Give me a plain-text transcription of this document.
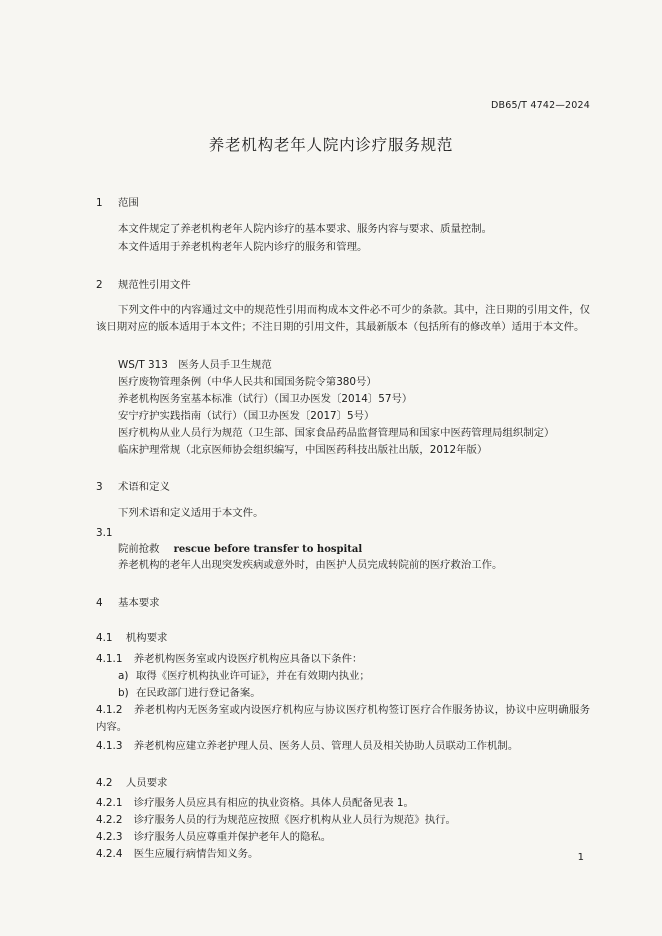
DB65/T 4742—2024
养老机构老年人院内诊疗服务规范
1 范围
本文件规定了养老机构老年人院内诊疗的基本要求、服务内容与要求、质量控制。
本文件适用于养老机构老年人院内诊疗的服务和管理。
2 规范性引用文件
下列文件中的内容通过文中的规范性引用而构成本文件必不可少的条款。其中，注日期的引用文件，仅该日期对应的版本适用于本文件；不注日期的引用文件，其最新版本（包括所有的修改单）适用于本文件。
WS/T 313　医务人员手卫生规范
医疗废物管理条例（中华人民共和国国务院令第380号）
养老机构医务室基本标准（试行）（国卫办医发〔2014〕57号）
安宁疗护实践指南（试行）（国卫办医发〔2017〕5号）
医疗机构从业人员行为规范（卫生部、国家食品药品监督管理局和国家中医药管理局组织制定）
临床护理常规（北京医师协会组织编写，中国医药科技出版社出版，2012年版）
3 术语和定义
下列术语和定义适用于本文件。
3.1
院前抢救 rescue before transfer to hospital
养老机构的老年人出现突发疾病或意外时，由医护人员完成转院前的医疗救治工作。
4 基本要求
4.1 机构要求
4.1.1 养老机构医务室或内设医疗机构应具备以下条件：
a) 取得《医疗机构执业许可证》，并在有效期内执业；
b) 在民政部门进行登记备案。
4.1.2 养老机构内无医务室或内设医疗机构应与协议医疗机构签订医疗合作服务协议，协议中应明确服务内容。
4.1.3 养老机构应建立养老护理人员、医务人员、管理人员及相关协助人员联动工作机制。
4.2 人员要求
4.2.1 诊疗服务人员应具有相应的执业资格。具体人员配备见表 1。
4.2.2 诊疗服务人员的行为规范应按照《医疗机构从业人员行为规范》执行。
4.2.3 诊疗服务人员应尊重并保护老年人的隐私。
4.2.4 医生应履行病情告知义务。	1
